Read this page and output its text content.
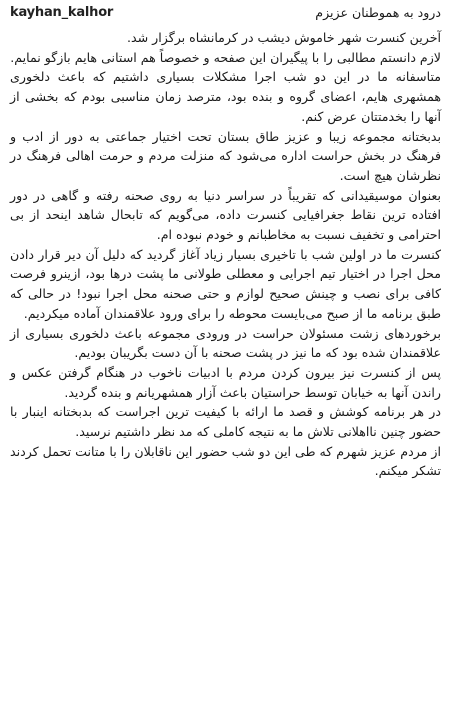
kayhan_kalhor	درود به هموطنان عزیزم

آخرین کنسرت شهر خاموش دیشب در کرمانشاه برگزار شد.

لازم دانستم مطالبی را با پیگیران این صفحه و خصوصاً هم استانی هایم بازگو نمایم.

متاسفانه ما در این دو شب اجرا مشکلات بسیاری داشتیم که باعث دلخوری همشهری هایم، اعضای گروه و بنده بود، مترصد زمان مناسبی بودم که بخشی از آنها را بخدمتتان عرض کنم.

بدبختانه مجموعه زیبا و عزیز طاق بستان تحت اختیار جماعتی به دور از ادب و فرهنگ در بخش حراست اداره می‌شود که منزلت مردم و حرمت اهالی فرهنگ در نظرشان هیچ است.

بعنوان موسیقیدانی که تقریباً در سراسر دنیا به روی صحنه رفته و گاهی در دور افتاده ترین نقاط جغرافیایی کنسرت داده، می‌گویم که تابحال شاهد اینحد از بی احترامی و تخفیف نسبت به مخاطبانم و خودم نبوده ام.

کنسرت ما در اولین شب با تاخیری بسیار زیاد آغاز گردید که دلیل آن دیر قرار دادن محل اجرا در اختیار تیم اجرایی و معطلی طولانی ما پشت درها بود، ازینرو فرصت کافی برای نصب و چینش صحیح لوازم و حتی صحنه محل اجرا نبود! در حالی که طبق برنامه ما از صبح می‌بایست محوطه را برای ورود علاقمندان آماده میکردیم.

برخوردهای زشت مسئولان حراست در ورودی مجموعه باعث دلخوری بسیاری از علاقمندان شده بود که ما نیز در پشت صحنه با آن دست بگریبان بودیم.

پس از کنسرت نیز بیرون کردن مردم با ادبیات ناخوب در هنگام گرفتن عکس و راندن آنها به خیابان توسط حراستیان باعث آزار همشهریانم و بنده گردید.

در هر برنامه کوشش و قصد ما ارائه با کیفیت ترین اجراست که بدبختانه اینبار با حضور چنین ناا‌هلانی تلاش ما به نتیجه کاملی که مد نظر داشتیم نرسید.

از مردم عزیز شهرم که طی این دو شب حضور این ناقابلان را با متانت تحمل کردند تشکر میکنم.
